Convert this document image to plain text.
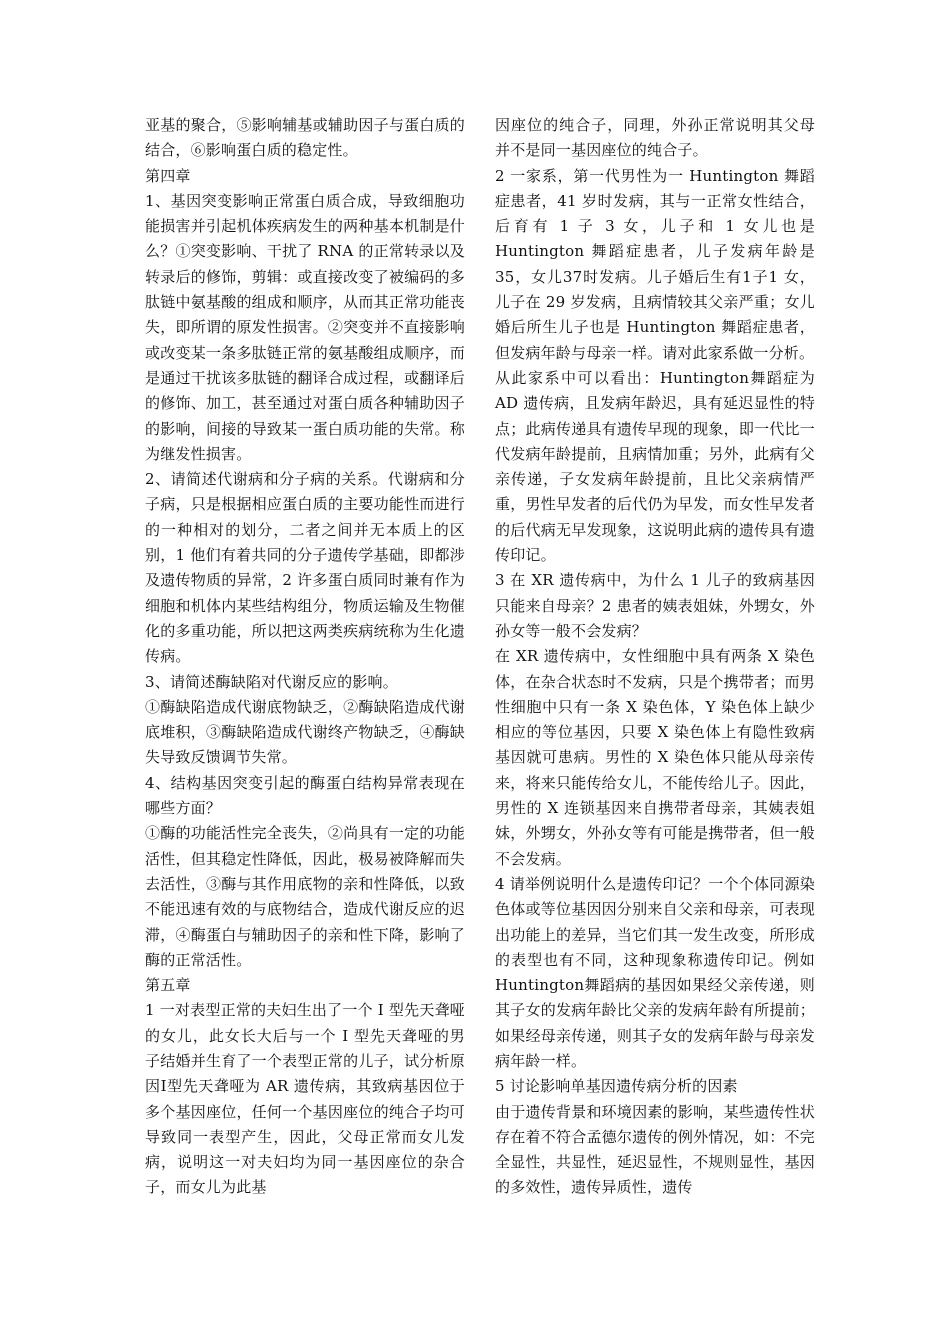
亚基的聚合，⑤影响辅基或辅助因子与蛋白质的结合，⑥影响蛋白质的稳定性。

第四章

1、基因突变影响正常蛋白质合成，导致细胞功能损害并引起机体疾病发生的两种基本机制是什么？①突变影响、干扰了 RNA 的正常转录以及转录后的修饰，剪辑：或直接改变了被编码的多肽链中氨基酸的组成和顺序，从而其正常功能丧失，即所谓的原发性损害。②突变并不直接影响或改变某一条多肽链正常的氨基酸组成顺序，而是通过干扰该多肽链的翻译合成过程，或翻译后的修饰、加工，甚至通过对蛋白质各种辅助因子的影响，间接的导致某一蛋白质功能的失常。称为继发性损害。

2、请简述代谢病和分子病的关系。代谢病和分子病，只是根据相应蛋白质的主要功能性而进行的一种相对的划分，二者之间并无本质上的区别，1 他们有着共同的分子遗传学基础，即都涉及遗传物质的异常，2 许多蛋白质同时兼有作为细胞和机体内某些结构组分，物质运输及生物催化的多重功能，所以把这两类疾病统称为生化遗传病。

3、请简述酶缺陷对代谢反应的影响。

①酶缺陷造成代谢底物缺乏，②酶缺陷造成代谢底堆积，③酶缺陷造成代谢终产物缺乏，④酶缺失导致反馈调节失常。

4、结构基因突变引起的酶蛋白结构异常表现在哪些方面？

①酶的功能活性完全丧失，②尚具有一定的功能活性，但其稳定性降低，因此，极易被降解而失去活性，③酶与其作用底物的亲和性降低，以致不能迅速有效的与底物结合，造成代谢反应的迟滞，④酶蛋白与辅助因子的亲和性下降，影响了酶的正常活性。

第五章

1 一对表型正常的夫妇生出了一个 I 型先天聋哑的女儿，此女长大后与一个 I 型先天聋哑的男子结婚并生育了一个表型正常的儿子，试分析原因I型先天聋哑为 AR 遗传病，其致病基因位于多个基因座位，任何一个基因座位的纯合子均可导致同一表型产生，因此，父母正常而女儿发病，说明这一对夫妇均为同一基因座位的杂合子，而女儿为此基

因座位的纯合子，同理，外孙正常说明其父母 并不是同一基因座位的纯合子。

2 一家系，第一代男性为一 Huntington 舞蹈症患者，41 岁时发病，其与一正常女性结合，后育有 1 子 3 女，儿子和 1 女儿也是 Huntington 舞蹈症患者，儿子发病年龄是35，女儿37时发病。儿子婚后生有1子1 女，儿子在 29 岁发病，且病情较其父亲严重；女儿婚后所生儿子也是 Huntington 舞蹈症患者，但发病年龄与母亲一样。请对此家系做一分析。

从此家系中可以看出：Huntington舞蹈症为 AD 遗传病，且发病年龄迟，具有延迟显性的特点；此病传递具有遗传早现的现象，即一代比一代发病年龄提前，且病情加重；另外，此病有父亲传递，子女发病年龄提前，且比父亲病情严重，男性早发者的后代仍为早发，而女性早发者的后代病无早发现象，这说明此病的遗传具有遗传印记。

3 在 XR 遗传病中，为什么 1 儿子的致病基因只能来自母亲？2 患者的姨表姐妹，外甥女，外孙女等一般不会发病？

在 XR 遗传病中，女性细胞中具有两条 X 染色体，在杂合状态时不发病，只是个携带者；而男性细胞中只有一条 X 染色体，Y 染色体上缺少相应的等位基因，只要 X 染色体上有隐性致病基因就可患病。男性的 X 染色体只能从母亲传来，将来只能传给女儿，不能传给儿子。因此，男性的 X 连锁基因来自携带者母亲，其姨表姐妹，外甥女，外孙女等有可能是携带者，但一般不会发病。

4 请举例说明什么是遗传印记？一个个体同源染色体或等位基因因分别来自父亲和母亲，可表现出功能上的差异，当它们其一发生改变，所形成的表型也有不同，这种现象称遗传印记。例如Huntington舞蹈病的基因如果经父亲传递，则其子女的发病年龄比父亲的发病年龄有所提前；如果经母亲传递，则其子女的发病年龄与母亲发病年龄一样。

5 讨论影响单基因遗传病分析的因素

由于遗传背景和环境因素的影响，某些遗传性状存在着不符合孟德尔遗传的例外情况，如：不完全显性，共显性，延迟显性，不规则显性，基因的多效性，遗传异质性，遗传
